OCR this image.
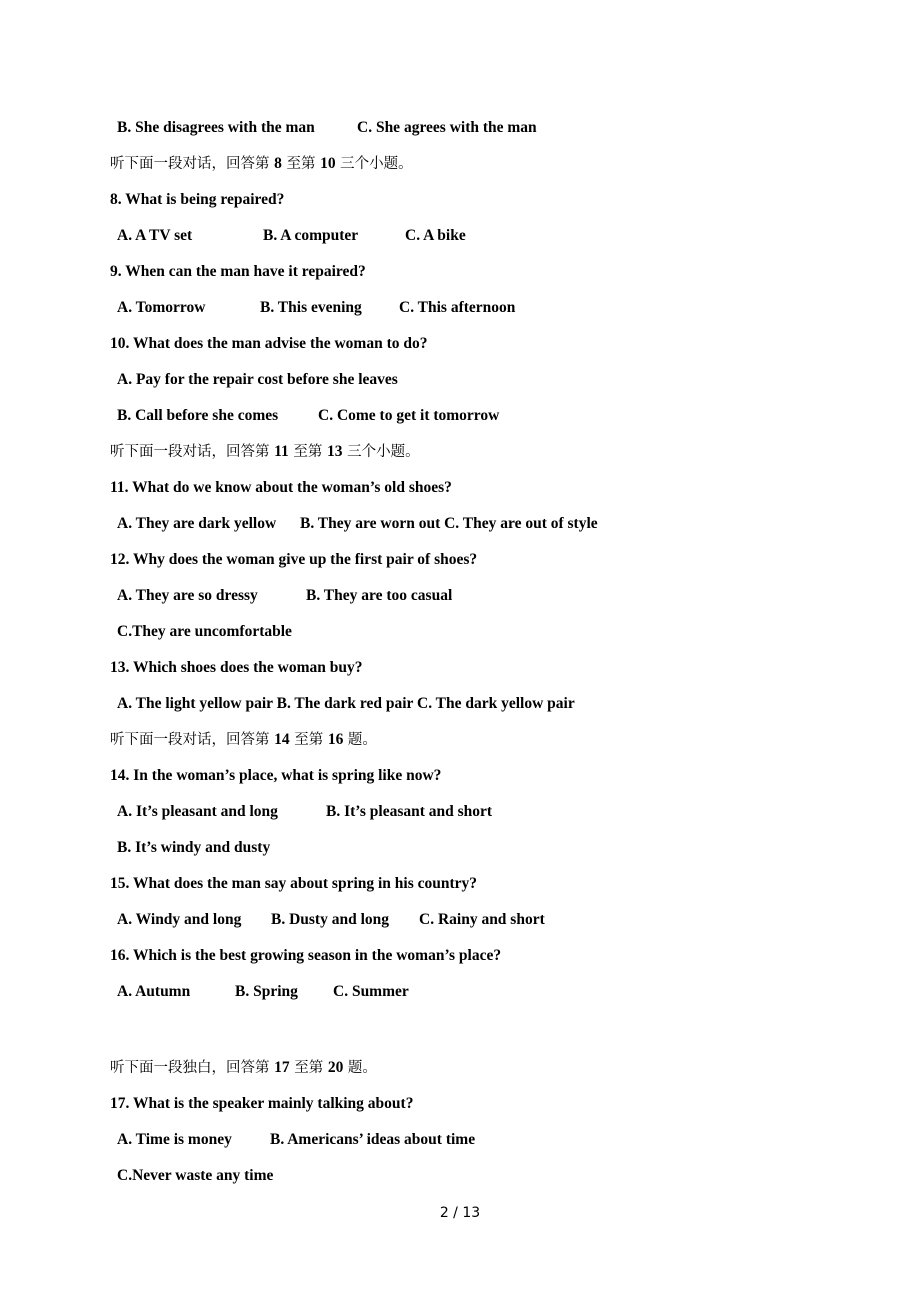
B. She disagrees with the man	C. She agrees with the man
听下面一段对话，回答第 8 至第 10 三个小题。
8. What is being repaired?
A. A TV set	B. A computer	C. A bike
9. When can the man have it repaired?
A. Tomorrow	B. This evening C. This afternoon
10. What does the man advise the woman to do?
A. Pay for the repair cost before she leaves
B. Call before she comes	C. Come to get it tomorrow
听下面一段对话，回答第 11 至第 13 三个小题。
11. What do we know about the woman’s old shoes?
A. They are dark yellow B. They are worn out C. They are out of style
12. Why does the woman give up the first pair of shoes?
A. They are so dressy	B. They are too casual
C.They are uncomfortable
13. Which shoes does the woman buy?
A. The light yellow pair B. The dark red pair C. The dark yellow pair
听下面一段对话，回答第 14 至第 16 题。
14. In the woman’s place, what is spring like now?
A. It’s pleasant and long	B. It’s pleasant and short
B. It’s windy and dusty
15. What does the man say about spring in his country?
A. Windy and long B. Dusty and long C. Rainy and short
16. Which is the best growing season in the woman’s place?
A. Autumn	B. Spring C. Summer
听下面一段独白，回答第 17 至第 20 题。
17. What is the speaker mainly talking about?
A. Time is money B. Americans’ ideas about time
C.Never waste any time
2 / 13
